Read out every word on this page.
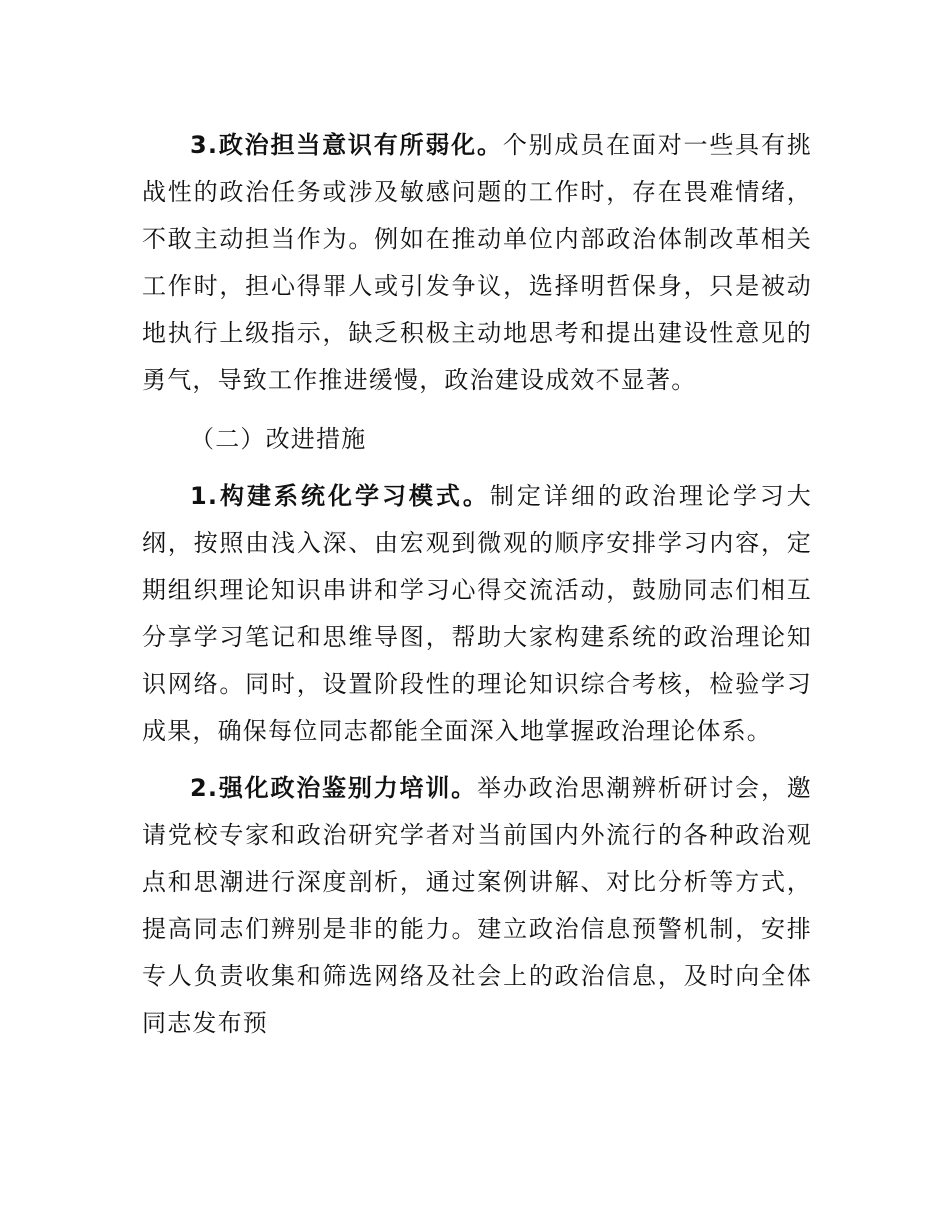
3.政治担当意识有所弱化。个别成员在面对一些具有挑战性的政治任务或涉及敏感问题的工作时，存在畏难情绪，不敢主动担当作为。例如在推动单位内部政治体制改革相关工作时，担心得罪人或引发争议，选择明哲保身，只是被动地执行上级指示，缺乏积极主动地思考和提出建设性意见的勇气，导致工作推进缓慢，政治建设成效不显著。

（二）改进措施

1.构建系统化学习模式。制定详细的政治理论学习大纲，按照由浅入深、由宏观到微观的顺序安排学习内容，定期组织理论知识串讲和学习心得交流活动，鼓励同志们相互分享学习笔记和思维导图，帮助大家构建系统的政治理论知识网络。同时，设置阶段性的理论知识综合考核，检验学习成果，确保每位同志都能全面深入地掌握政治理论体系。

2.强化政治鉴别力培训。举办政治思潮辨析研讨会，邀请党校专家和政治研究学者对当前国内外流行的各种政治观点和思潮进行深度剖析，通过案例讲解、对比分析等方式，提高同志们辨别是非的能力。建立政治信息预警机制，安排专人负责收集和筛选网络及社会上的政治信息，及时向全体同志发布预
